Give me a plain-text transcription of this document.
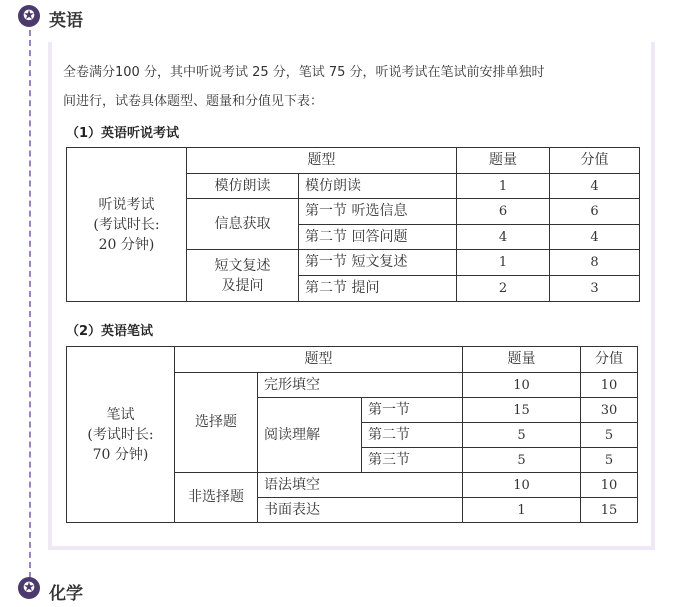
✪ 英语
全卷满分100 分，其中听说考试 25 分，笔试 75 分，听说考试在笔试前安排单独时
间进行，试卷具体题型、题量和分值见下表：
（1）英语听说考试
听说考试
(考试时长:
20 分钟)	题型		题量	分值
	模仿朗读	模仿朗读	1	4
	信息获取	第一节 听选信息	6	6
		第二节 回答问题	4	4

	短文复述
及提问	第一节 短文复述	1	8
		第二节 提问	2	3
（2）英语笔试
笔试
(考试时长:
70 分钟)	题型			题量	分值
	选择题	完形填空		10	10
		阅读理解	第一节	15	30
			第二节	5	5
			第三节	5	5
	非选择题	语法填空		10	10
		书面表达		1	15
✪ 化学
